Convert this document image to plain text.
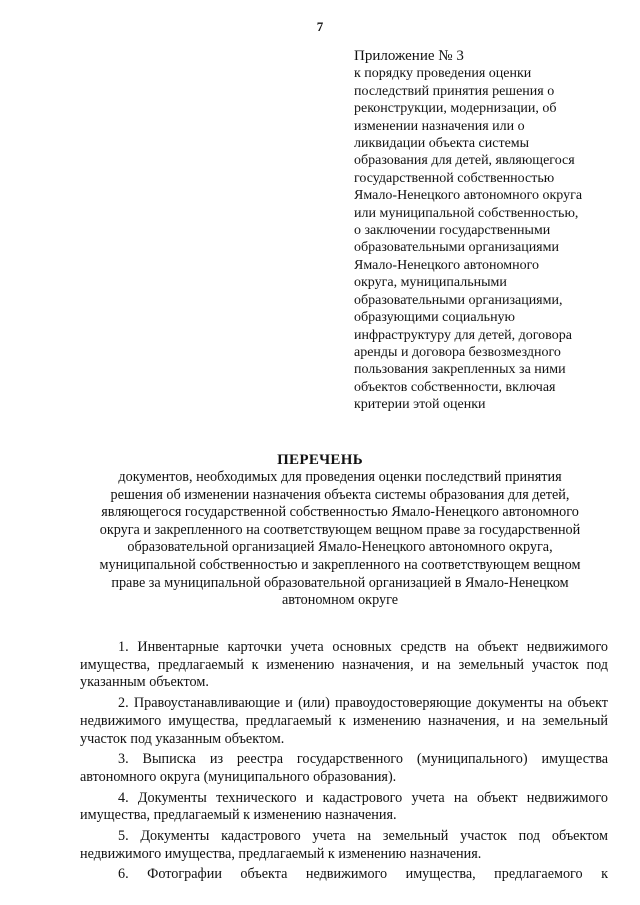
7
Приложение № 3
к порядку проведения оценки
последствий принятия решения о
реконструкции, модернизации, об
изменении назначения или о
ликвидации объекта системы
образования для детей, являющегося
государственной собственностью
Ямало-Ненецкого автономного округа
или муниципальной собственностью,
о заключении государственными
образовательными организациями
Ямало-Ненецкого автономного
округа, муниципальными
образовательными организациями,
образующими социальную
инфраструктуру для детей, договора
аренды и договора безвозмездного
пользования закрепленных за ними
объектов собственности, включая
критерии этой оценки
ПЕРЕЧЕНЬ
документов, необходимых для проведения оценки последствий принятия
решения об изменении назначения объекта системы образования для детей,
являющегося государственной собственностью Ямало-Ненецкого автономного
округа и закрепленного на соответствующем вещном праве за государственной
образовательной организацией Ямало-Ненецкого автономного округа,
муниципальной собственностью и закрепленного на соответствующем вещном
праве за муниципальной образовательной организацией в Ямало-Ненецком
автономном округе

1. Инвентарные карточки учета основных средств на объект недвижимого имущества, предлагаемый к изменению назначения, и на земельный участок под указанным объектом.

2. Правоустанавливающие и (или) правоудостоверяющие документы на объект недвижимого имущества, предлагаемый к изменению назначения, и на земельный участок под указанным объектом.

3. Выписка из реестра государственного (муниципального) имущества автономного округа (муниципального образования).

4. Документы технического и кадастрового учета на объект недвижимого имущества, предлагаемый к изменению назначения.

5. Документы кадастрового учета на земельный участок под объектом недвижимого имущества, предлагаемый к изменению назначения.

6. Фотографии объекта недвижимого имущества, предлагаемого к
